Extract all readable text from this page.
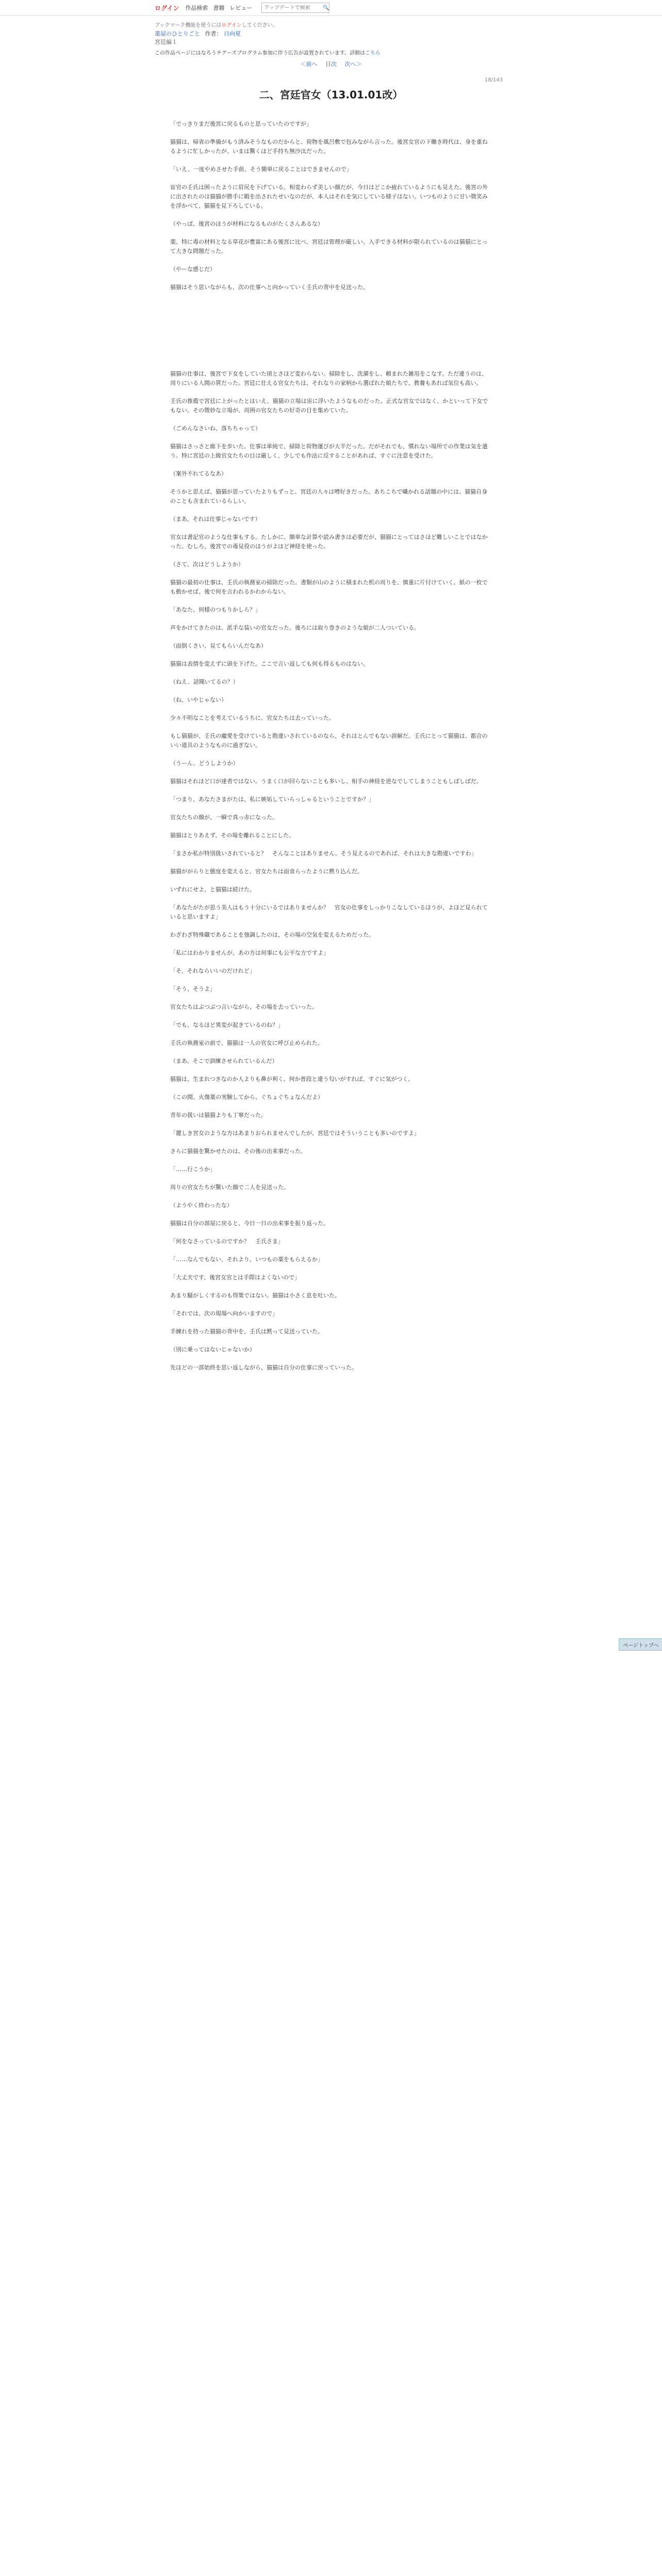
ログイン 作品検索 書籍 レビュー
アップデートで検索	🔍
ブックマーク機能を使うにはログインしてください。
薬屋のひとりごと 作者： 日向夏
宮廷編１
この作品ページにはなろうチアーズプログラム参加に伴う広告が設置されています。詳細はこちら
＜前へ 目次 次へ＞
18/143
二、宮廷官女（13.01.01改）

「でっきりまだ後宮に戻るものと思っていたのですが」

猫猫は、帰省の準備がもう済みそうなものだからと、荷物を風呂敷で包みながら言った。後宮女官の下働き時代は、身を重ねるように忙しかったが、いまは驚くほど手持ち無沙汰だった。

「いえ、一度やめさせた手前、そう簡単に戻ることはできませんので」

宦官の壬氏は困ったように眉尻を下げている。相変わらず美しい顔だが、今日はどこか疲れているようにも見えた。後宮の外に出されたのは猫猫が勝手に暇を出されたせいなのだが、本人はそれを気にしている様子はない。いつものように甘い微笑みを浮かべて、猫猫を見下ろしている。

（やっぱ、後宮のほうが材料になるものがたくさんあるな）

薬、特に毒の材料となる草花が豊富にある後宮に比べ、宮廷は管理が厳しい。入手できる材料が限られているのは猫猫にとって大きな問題だった。

（やーな感じだ）

猫猫はそう思いながらも、次の仕事へと向かっていく壬氏の背中を見送った。

猫猫の仕事は、後宮で下女をしていた頃とさほど変わらない。掃除をし、洗濯をし、頼まれた雑用をこなす。ただ違うのは、周りにいる人間の質だった。宮廷に仕える官女たちは、それなりの家柄から選ばれた娘たちで、教養もあれば気位も高い。

壬氏の推薦で宮廷に上がったとはいえ、猫猫の立場は宙に浮いたようなものだった。正式な官女ではなく、かといって下女でもない。その微妙な立場が、周囲の官女たちの好奇の目を集めていた。

（ごめんなさいね、落ちちゃって）

猫猫はさっさと廊下を歩いた。仕事は単純で、掃除と荷物運びが大半だった。だがそれでも、慣れない場所での作業は気を遣う。特に宮廷の上級官女たちの目は厳しく、少しでも作法に反することがあれば、すぐに注意を受けた。

（案外不れてるなあ）

そうかと思えば、猫猫が思っていたよりもずっと、宮廷の人々は噂好きだった。あちこちで囁かれる話題の中には、猫猫自身のことも含まれているらしい。

（まあ、それは仕事じゃないです）

官女は書記官のような仕事もする。たしかに、簡単な計算や読み書きは必要だが、猫猫にとってはさほど難しいことではなかった。むしろ、後宮での毒見役のほうがよほど神経を使った。

（さて、次はどうしようか）

猫猫の最初の仕事は、壬氏の執務室の掃除だった。書類が山のように積まれた机の周りを、慎重に片付けていく。紙の一枚でも動かせば、後で何を言われるかわからない。

「あなた、何様のつもりかしら？」

声をかけてきたのは、派手な装いの官女だった。後ろには取り巻きのような娘が二人ついている。

（面倒くさい、見てもらいんだなあ）

猫猫は表情を変えずに頭を下げた。ここで言い返しても何も得るものはない。

（ねえ、話聞いてるの？）

（ね、いやじゃない）

少々不明なことを考えているうちに、官女たちは去っていった。

もし猫猫が、壬氏の寵愛を受けていると勘違いされているのなら、それはとんでもない誤解だ。壬氏にとって猫猫は、都合のいい道具のようなものに過ぎない。

（うーん、どうしようか）

猫猫はそれほど口が達者ではない。うまく口が回らないことも多いし、相手の神経を逆なでしてしまうこともしばしばだ。

「つまり、あなたさまがたは、私に嫉妬していらっしゃるということですか？」

官女たちの顔が、一瞬で真っ赤になった。

猫猫はとりあえず、その場を離れることにした。

「まさか私が特別扱いされていると？　そんなことはありません。そう見えるのであれば、それは大きな勘違いですわ」

猫猫ががらりと態度を変えると、官女たちは面食らったように黙り込んだ。

いずれにせよ、と猫猫は続けた。

「あなたがたが思う美人はもう十分にいるではありませんか？　官女の仕事をしっかりこなしているほうが、よほど見られていると思いますよ」

わざわざ特殊職であることを強調したのは、その場の空気を変えるためだった。

「私にはわかりませんが、あの方は何事にも公平な方ですよ」

「そ、それならいいのだけれど」

「そう、そうよ」

官女たちはぶつぶつ言いながら、その場を去っていった。

「でも、なるほど異変が起きているのね？」

壬氏の執務室の前で、猫猫は一人の官女に呼び止められた。

（まあ、そこで訓練させられているんだ）

猫猫は、生まれつきなのか人よりも鼻が利く。何か普段と違う匂いがすれば、すぐに気がつく。

（この間、火傷薬の実験してから、ぐちょぐちょなんだよ）

青年の扱いは猫猫よりも丁寧だった。

「麗しき宮女のような方はあまりおられませんでしたが、宮廷ではそういうことも多いのですよ」

さらに猫猫を驚かせたのは、その後の出来事だった。

「……行こうか」

周りの官女たちが驚いた顔で二人を見送った。

（ようやく終わったな）

猫猫は自分の部屋に戻ると、今日一日の出来事を振り返った。

「何をなさっているのですか？　壬氏さま」

「……なんでもない、それより、いつもの薬をもらえるか」

「大丈夫です、後宮女官とは手際はよくないので」

あまり騒がしくするのも得策ではない。猫猫は小さく息を吐いた。

「それでは、次の現場へ向かいますので」

手練れを持った猫猫の背中を、壬氏は黙って見送っていた。

（別に乗ってはないじゃないか）

先ほどの一部始終を思い返しながら、猫猫は自分の仕事に戻っていった。

ページトップへ
